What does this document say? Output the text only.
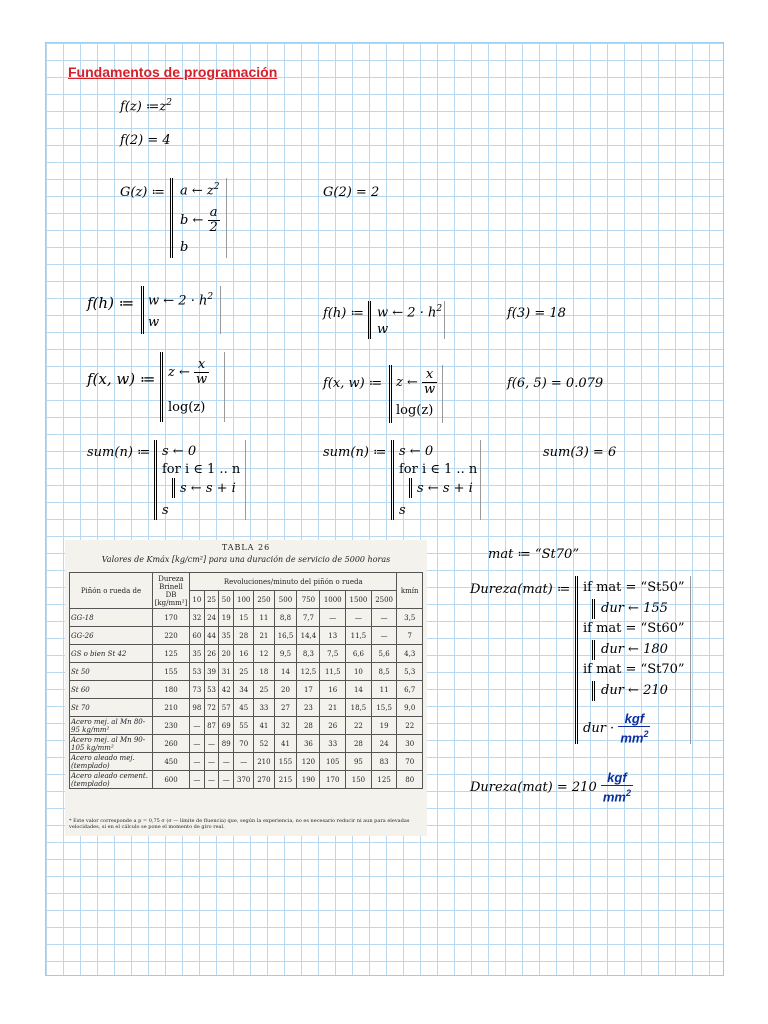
Fundamentos de programación
f(z) $≔z^2$
f(2) = 4
G(z) ≔ a ← $z^2$
b ← $\frac{a}{2}$
b
G(2) = 2
f(h) ≔ w ← $2 \cdot h^2$
w
f(h) ≔ w ← $2 \cdot h^2$
w
f(3) = 18
f(x, w) ≔ z ← $\frac{x}{w}$
log(z)
f(x, w) ≔ z ← $\frac{x}{w}$
log(z)
f(6, 5) = 0.079
sum(n) ≔ s ← 0
for i ∈ 1 .. n
s ← s + i
s
sum(n) ≔ s ← 0
for i ∈ 1 .. n
s ← s + i
s
sum(3) = 6
TABLA 26
Valores de Kmáx [kg/cm²] para una duración de servicio de 5000 horas
Piñón o rueda de	Dureza Brinell DB [kg/mm²]	Revoluciones/minuto del piñón o rueda										kmín
		10	25	50	100	250	500	750	1000	1500	2500	
GG-18	170	32	24	19	15	11	8,8	7,7	—	—	—	3,5
GG-26	220	60	44	35	28	21	16,5	14,4	13	11,5	—	7
GS o bien St 42	125	35	26	20	16	12	9,5	8,3	7,5	6,6	5,6	4,3
St 50	155	53	39	31	25	18	14	12,5	11,5	10	8,5	5,3
St 60	180	73	53	42	34	25	20	17	16	14	11	6,7
St 70	210	98	72	57	45	33	27	23	21	18,5	15,5	9,0
Acero mej. al Mn 80-95 kg/mm²	230	—	87	69	55	41	32	28	26	22	19	22
Acero mej. al Mn 90-105 kg/mm²	260	—	—	89	70	52	41	36	33	28	24	30
Acero aleado mej. (templado)	450	—	—	—	—	210	155	120	105	95	83	70
Acero aleado cement. (templado)	600	—	—	—	370	270	215	190	170	150	125	80
* Este valor corresponde a p = 0,75 σ (σ — límite de fluencia) que, según la experiencia, no es necesario reducir ni aun para elevadas velocidades, si en el cálculo se pone el momento de giro real.
mat ≔ “St70”
Dureza(mat) ≔ if mat = “St50”
dur ← 155
if mat = “St60”
dur ← 180
if mat = “St70”
dur ← 210
dur · $\frac{\text{kgf}}{mm^2}$
Dureza(mat) = $210 \frac{\text{kgf}}{mm^2}$
